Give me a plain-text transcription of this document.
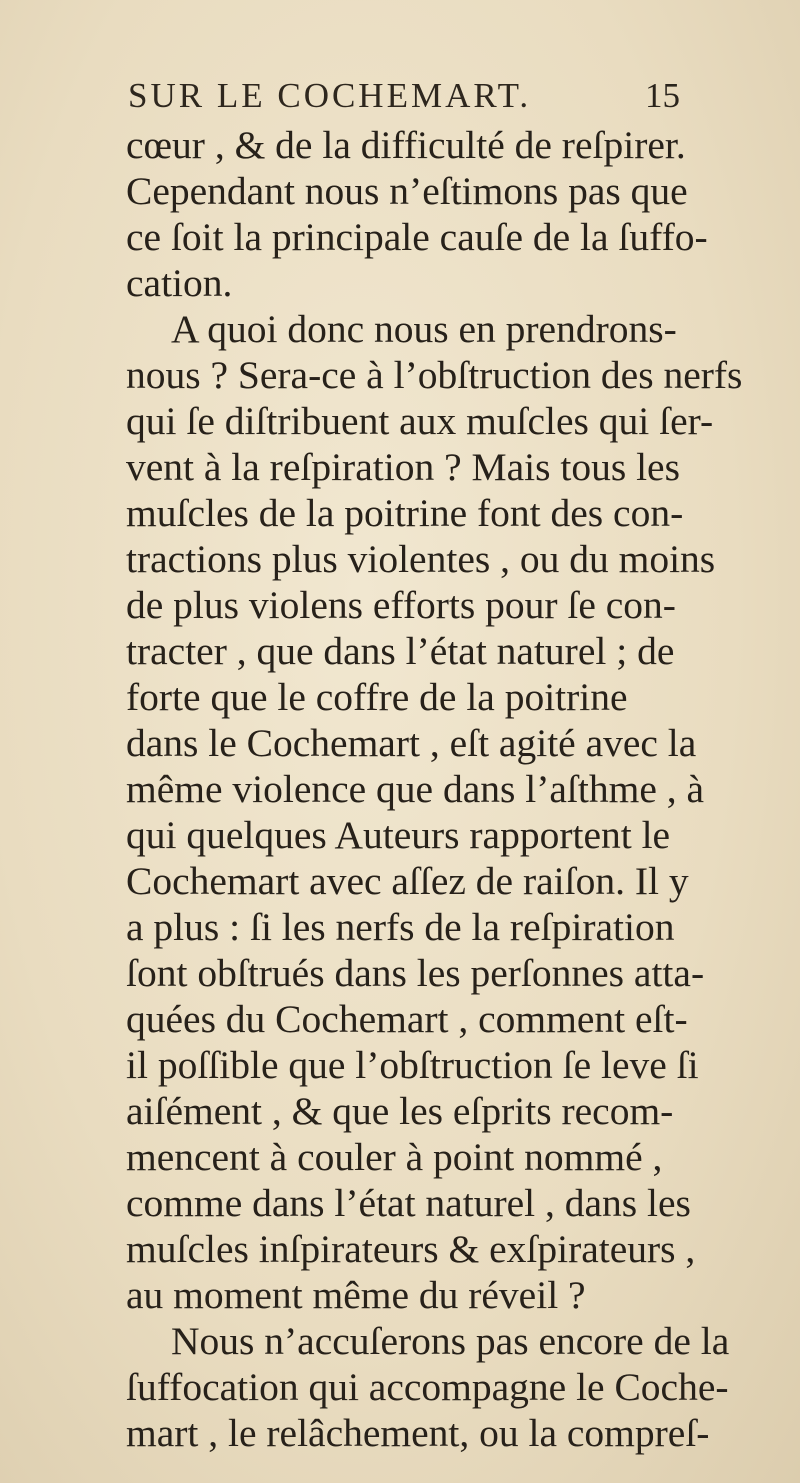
SUR LE COCHEMART.	15
cœur , & de la difficulté de reſpirer.
Cependant nous n’eſtimons pas que
ce ſoit la principale cauſe de la ſuffo-
cation.
A quoi donc nous en prendrons-
nous ? Sera-ce à l’obſtruction des nerfs
qui ſe diſtribuent aux muſcles qui ſer-
vent à la reſpiration ? Mais tous les
muſcles de la poitrine font des con-
tractions plus violentes , ou du moins
de plus violens efforts pour ſe con-
tracter , que dans l’état naturel ; de
forte que le coffre de la poitrine
dans le Cochemart , eſt agité avec la
même violence que dans l’aſthme , à
qui quelques Auteurs rapportent le
Cochemart avec aſſez de raiſon. Il y
a plus : ſi les nerfs de la reſpiration
ſont obſtrués dans les perſonnes atta-
quées du Cochemart , comment eſt-
il poſſible que l’obſtruction ſe leve ſi
aiſément , & que les eſprits recom-
mencent à couler à point nommé ,
comme dans l’état naturel , dans les
muſcles inſpirateurs & exſpirateurs ,
au moment même du réveil ?
Nous n’accuſerons pas encore de la
ſuffocation qui accompagne le Coche-
mart , le relâchement, ou la compreſ-
